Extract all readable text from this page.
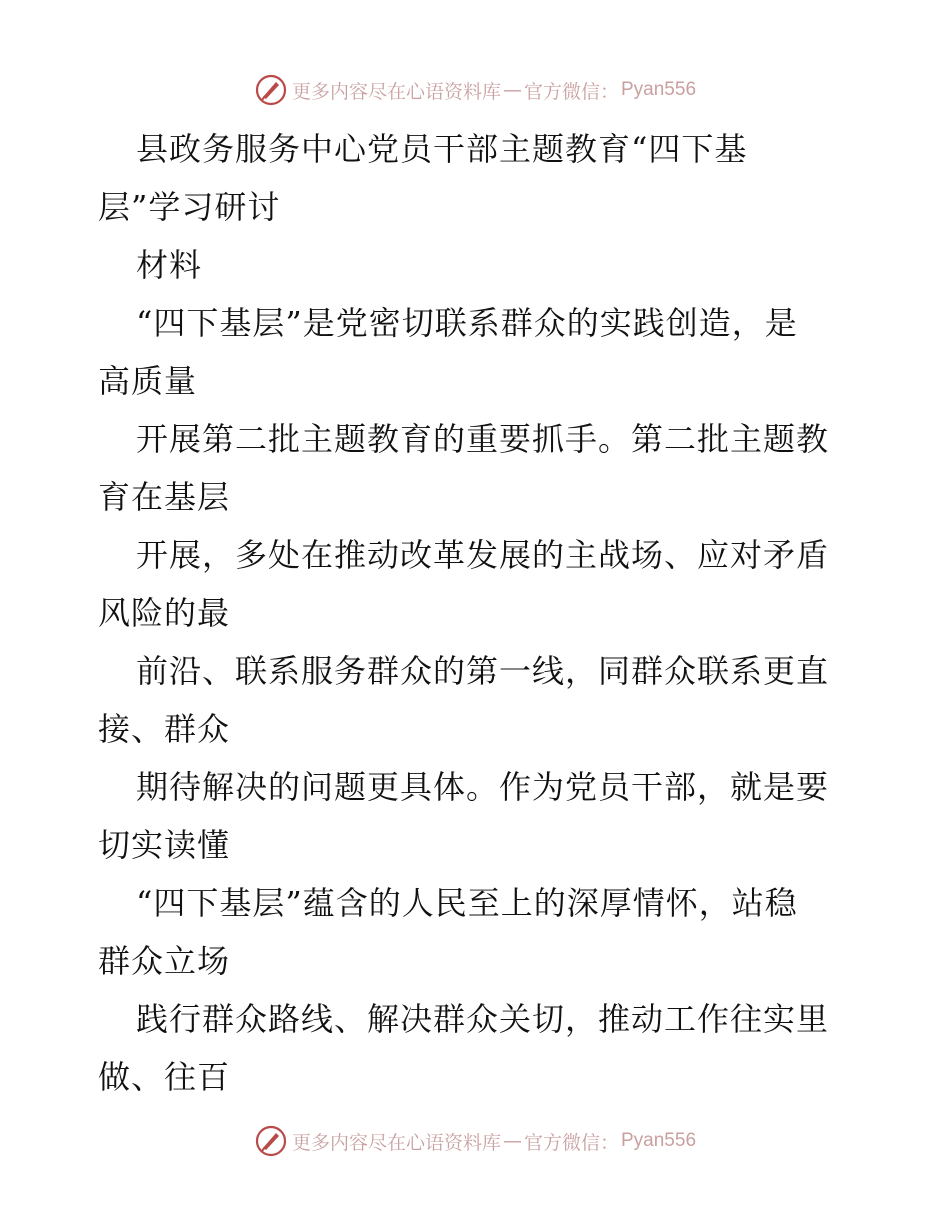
更多内容尽在心语资料库 — 官方微信： Pyan556
县政务服务中心党员干部主题教育“四下基
层”学习研讨
材料
“四下基层”是党密切联系群众的实践创造，是
高质量
开展第二批主题教育的重要抓手。第二批主题教
育在基层
开展，多处在推动改革发展的主战场、应对矛盾
风险的最
前沿、联系服务群众的第一线，同群众联系更直
接、群众
期待解决的问题更具体。作为党员干部，就是要
切实读懂
“四下基层”蕴含的人民至上的深厚情怀，站稳
群众立场
践行群众路线、解决群众关切，推动工作往实里
做、往百
更多内容尽在心语资料库 — 官方微信： Pyan556
